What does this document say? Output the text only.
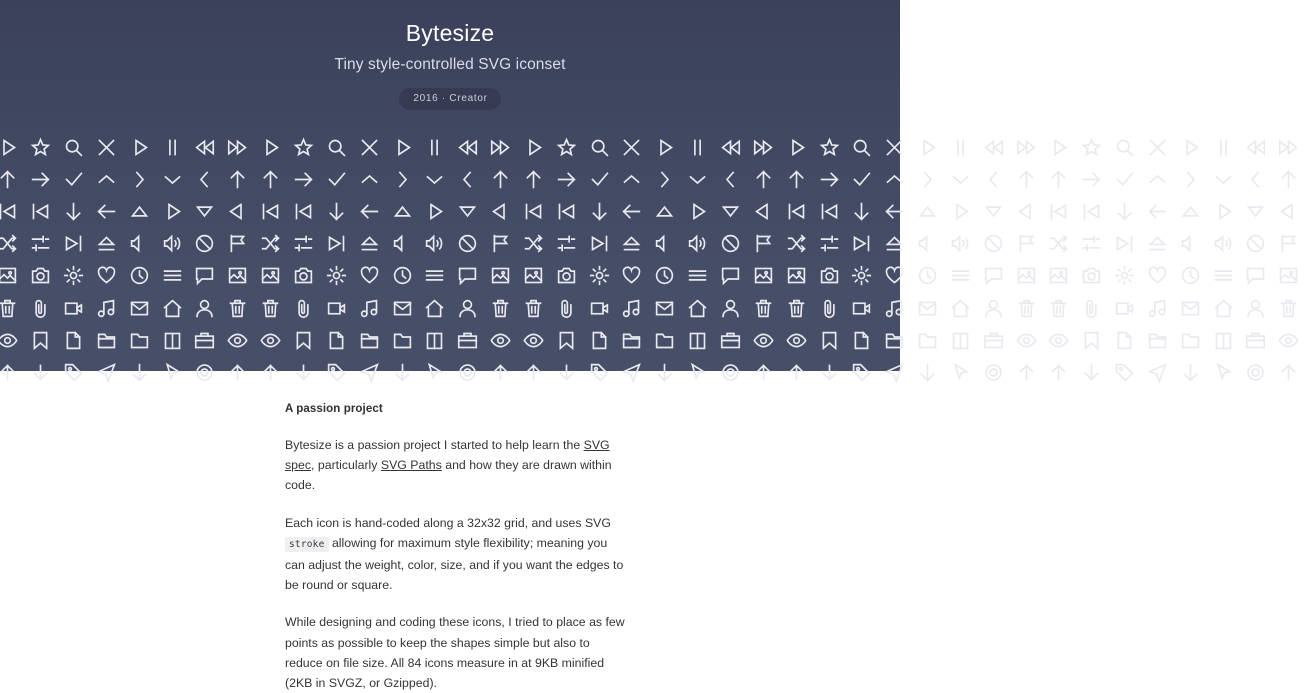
Bytesize
Tiny style-controlled SVG iconset
2016 · Creator
A passion project

Bytesize is a passion project I started to help learn the SVG spec, particularly SVG Paths and how they are drawn within code.

Each icon is hand-coded along a 32x32 grid, and uses SVG stroke allowing for maximum style flexibility; meaning you can adjust the weight, color, size, and if you want the edges to be round or square.

While designing and coding these icons, I tried to place as few points as possible to keep the shapes simple but also to reduce on file size. All 84 icons measure in at 9KB minified (2KB in SVGZ, or Gzipped).
